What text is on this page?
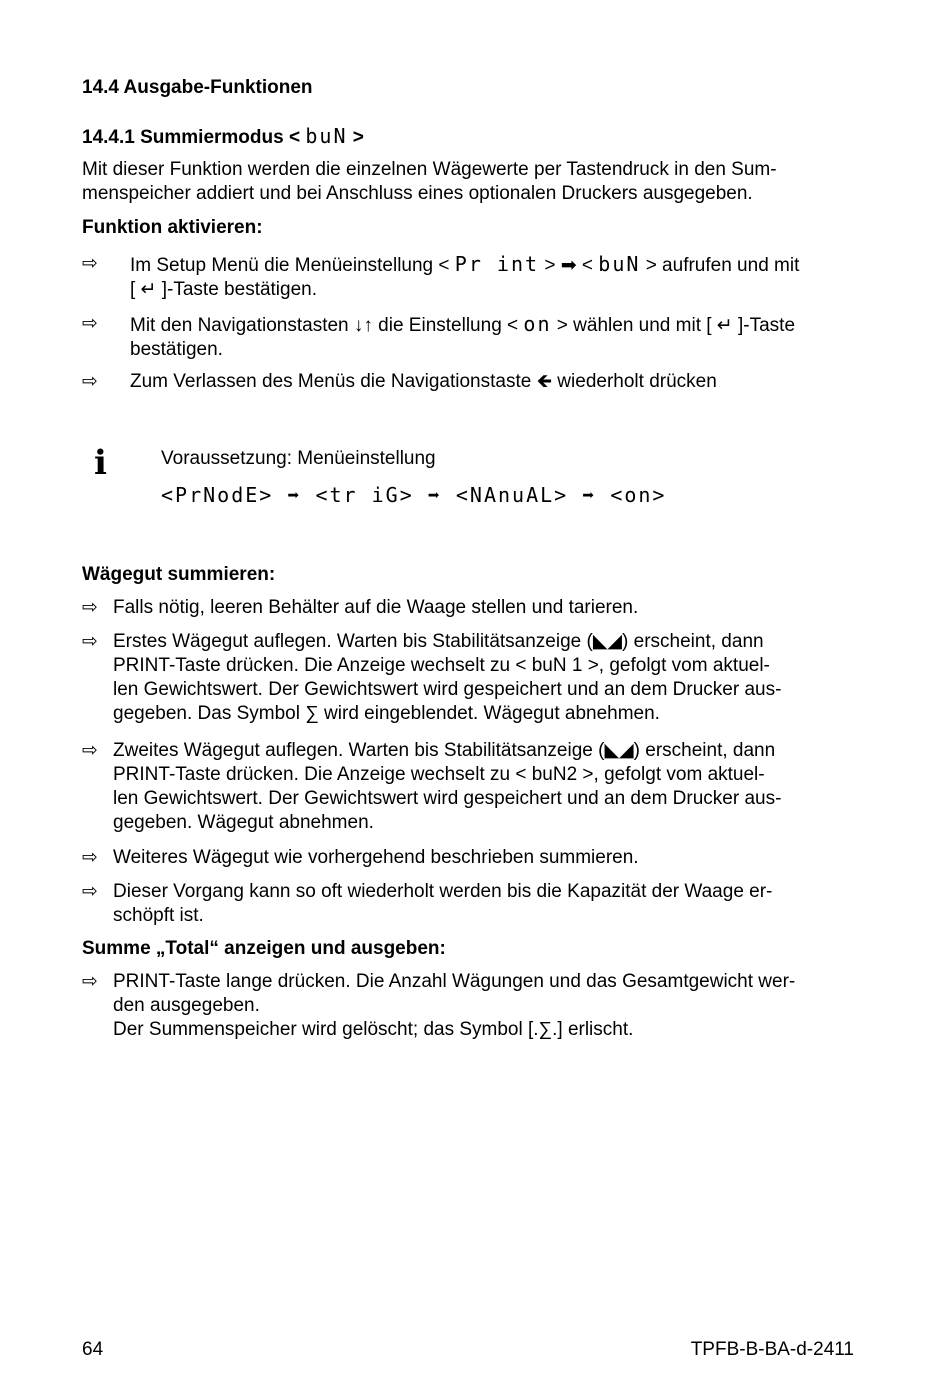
14.4 Ausgabe-Funktionen
14.4.1 Summiermodus < buN >
Mit dieser Funktion werden die einzelnen Wägewerte per Tastendruck in den Sum-
menspeicher addiert und bei Anschluss eines optionalen Druckers ausgegeben.
Funktion aktivieren:
⇨ Im Setup Menü die Menüeinstellung < Pr int > ➡ < buN > aufrufen und mit
[ ↵ ]-Taste bestätigen.
⇨ Mit den Navigationstasten ↓↑ die Einstellung < on > wählen und mit [ ↵ ]-Taste
bestätigen.
⇨ Zum Verlassen des Menüs die Navigationstaste 🡸 wiederholt drücken
i	Voraussetzung: Menüeinstellung
<PrNodE> ➡ <tr iG> ➡ <NAnuAL> ➡ <on>
Wägegut summieren:
⇨ Falls nötig, leeren Behälter auf die Waage stellen und tarieren.
⇨ Erstes Wägegut auflegen. Warten bis Stabilitätsanzeige (◣◢) erscheint, dann
PRINT-Taste drücken. Die Anzeige wechselt zu < buN 1 >, gefolgt vom aktuel-
len Gewichtswert. Der Gewichtswert wird gespeichert und an dem Drucker aus-
gegeben. Das Symbol ∑ wird eingeblendet. Wägegut abnehmen.
⇨ Zweites Wägegut auflegen. Warten bis Stabilitätsanzeige (◣◢) erscheint, dann
PRINT-Taste drücken. Die Anzeige wechselt zu < buN2 >, gefolgt vom aktuel-
len Gewichtswert. Der Gewichtswert wird gespeichert und an dem Drucker aus-
gegeben. Wägegut abnehmen.
⇨ Weiteres Wägegut wie vorhergehend beschrieben summieren.
⇨ Dieser Vorgang kann so oft wiederholt werden bis die Kapazität der Waage er-
schöpft ist.
Summe „Total“ anzeigen und ausgeben:
⇨ PRINT-Taste lange drücken. Die Anzahl Wägungen und das Gesamtgewicht wer-
den ausgegeben.
Der Summenspeicher wird gelöscht; das Symbol [.∑.] erlischt.
64	TPFB-B-BA-d-2411
